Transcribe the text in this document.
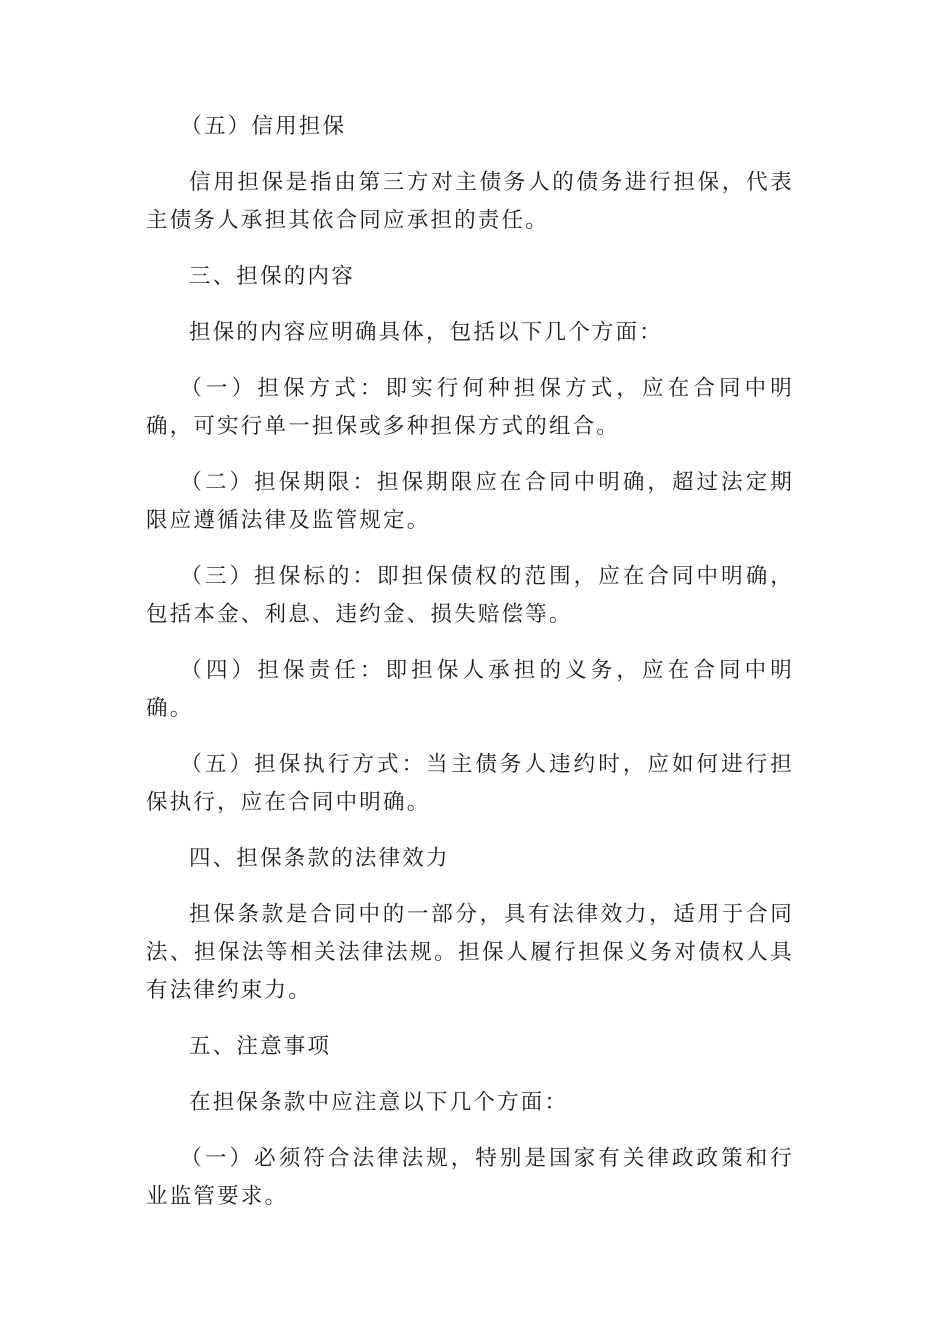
（五）信用担保

信用担保是指由第三方对主债务人的债务进行担保，代表主债务人承担其依合同应承担的责任。

三、担保的内容

担保的内容应明确具体，包括以下几个方面：

（一）担保方式：即实行何种担保方式，应在合同中明确，可实行单一担保或多种担保方式的组合。

（二）担保期限：担保期限应在合同中明确，超过法定期限应遵循法律及监管规定。

（三）担保标的：即担保债权的范围，应在合同中明确，包括本金、利息、违约金、损失赔偿等。

（四）担保责任：即担保人承担的义务，应在合同中明确。

（五）担保执行方式：当主债务人违约时，应如何进行担保执行，应在合同中明确。

四、担保条款的法律效力

担保条款是合同中的一部分，具有法律效力，适用于合同法、担保法等相关法律法规。担保人履行担保义务对债权人具有法律约束力。

五、注意事项

在担保条款中应注意以下几个方面：

（一）必须符合法律法规，特别是国家有关律政政策和行业监管要求。
